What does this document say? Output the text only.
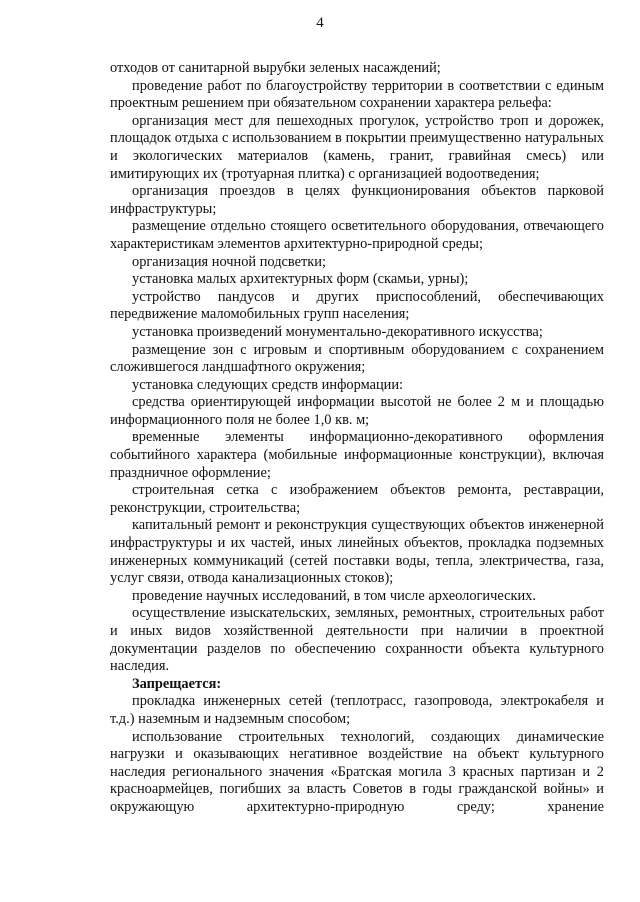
4

отходов от санитарной вырубки зеленых насаждений;

проведение работ по благоустройству территории в соответствии с единым проектным решением при обязательном сохранении характера рельефа:

организация мест для пешеходных прогулок, устройство троп и дорожек, площадок отдыха с использованием в покрытии преимущественно натуральных и экологических материалов (камень, гранит, гравийная смесь) или имитирующих их (тротуарная плитка) с организацией водоотведения;

организация проездов в целях функционирования объектов парковой инфраструктуры;

размещение отдельно стоящего осветительного оборудования, отвечающего характеристикам элементов архитектурно-природной среды;

организация ночной подсветки;

установка малых архитектурных форм (скамьи, урны);

устройство пандусов и других приспособлений, обеспечивающих передвижение маломобильных групп населения;

установка произведений монументально-декоративного искусства;

размещение зон с игровым и спортивным оборудованием с сохранением сложившегося ландшафтного окружения;

установка следующих средств информации:

средства ориентирующей информации высотой не более 2 м и площадью информационного поля не более 1,0 кв. м;

временные элементы информационно-декоративного оформления событийного характера (мобильные информационные конструкции), включая праздничное оформление;

строительная сетка с изображением объектов ремонта, реставрации, реконструкции, строительства;

капитальный ремонт и реконструкция существующих объектов инженерной инфраструктуры и их частей, иных линейных объектов, прокладка подземных инженерных коммуникаций (сетей поставки воды, тепла, электричества, газа, услуг связи, отвода канализационных стоков);

проведение научных исследований, в том числе археологических.

осуществление изыскательских, земляных, ремонтных, строительных работ и иных видов хозяйственной деятельности при наличии в проектной документации разделов по обеспечению сохранности объекта культурного наследия.

Запрещается:

прокладка инженерных сетей (теплотрасс, газопровода, электрокабеля и т.д.) наземным и надземным способом;

использование строительных технологий, создающих динамические нагрузки и оказывающих негативное воздействие на объект культурного наследия регионального значения «Братская могила 3 красных партизан и 2 красноармейцев, погибших за власть Советов в годы гражданской войны» и окружающую архитектурно-природную среду; хранение
